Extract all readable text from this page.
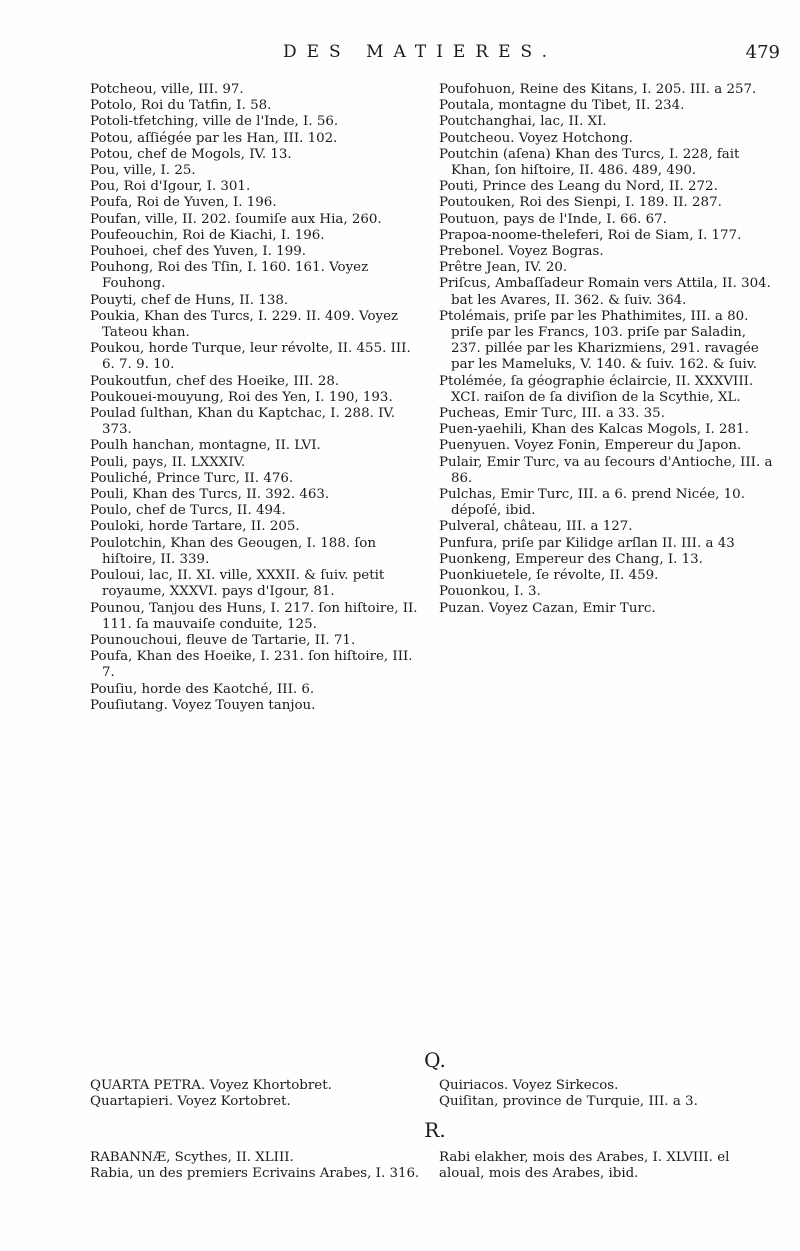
DES MATIERES.	479

Potcheou, ville, III. 97.

Potolo, Roi du Tatfin, I. 58.

Potoli-tfetching, ville de l'Inde, I. 56.

Potou, aſſiégée par les Han, III. 102.

Potou, chef de Mogols, IV. 13.

Pou, ville, I. 25.

Pou, Roi d'Igour, I. 301.

Poufa, Roi de Yuven, I. 196.

Poufan, ville, II. 202. ſoumiſe aux Hia, 260.

Poufeouchin, Roi de Kiachi, I. 196.

Pouhoei, chef des Yuven, I. 199.

Pouhong, Roi des Tſin, I. 160. 161. Voyez Fouhong.

Pouyti, chef de Huns, II. 138.

Poukia, Khan des Turcs, I. 229. II. 409. Voyez Tateou khan.

Poukou, horde Turque, leur révolte, II. 455. III. 6. 7. 9. 10.

Poukoutfun, chef des Hoeike, III. 28.

Poukouei-mouyung, Roi des Yen, I. 190, 193.

Poulad ſulthan, Khan du Kaptchac, I. 288. IV. 373.

Poulh hanchan, montagne, II. LVI.

Pouli, pays, II. LXXXIV.

Pouliché, Prince Turc, II. 476.

Pouli, Khan des Turcs, II. 392. 463.

Poulo, chef de Turcs, II. 494.

Pouloki, horde Tartare, II. 205.

Poulotchin, Khan des Geougen, I. 188. ſon hiſtoire, II. 339.

Pouloui, lac, II. XI. ville, XXXII. & ſuiv. petit royaume, XXXVI. pays d'Igour, 81.

Pounou, Tanjou des Huns, I. 217. ſon hiſtoire, II. 111. ſa mauvaiſe conduite, 125.

Pounouchoui, fleuve de Tartarie, II. 71.

Poufa, Khan des Hoeike, I. 231. ſon hiſtoire, III. 7.

Pouſiu, horde des Kaotché, III. 6.

Pouſiutang. Voyez Touyen tanjou.

Poufohuon, Reine des Kitans, I. 205. III. a 257.

Poutala, montagne du Tibet, II. 234.

Poutchanghai, lac, II. XI.

Poutcheou. Voyez Hotchong.

Poutchin (aſena) Khan des Turcs, I. 228, fait Khan, ſon hiſtoire, II. 486. 489, 490.

Pouti, Prince des Leang du Nord, II. 272.

Poutouken, Roi des Sienpi, I. 189. II. 287.

Poutuon, pays de l'Inde, I. 66. 67.

Prapoa-noome-theleferi, Roi de Siam, I. 177.

Prebonel. Voyez Bogras.

Prêtre Jean, IV. 20.

Priſcus, Ambaſſadeur Romain vers Attila, II. 304. bat les Avares, II. 362. & ſuiv. 364.

Ptolémais, priſe par les Phathimites, III. a 80. priſe par les Francs, 103. priſe par Saladin, 237. pillée par les Kharizmiens, 291. ravagée par les Mameluks, V. 140. & ſuiv. 162. & ſuiv.

Ptolémée, ſa géographie éclaircie, II. XXXVIII. XCI. raiſon de ſa diviſion de la Scythie, XL.

Pucheas, Emir Turc, III. a 33. 35.

Puen-yaehili, Khan des Kalcas Mogols, I. 281.

Puenyuen. Voyez Fonin, Empereur du Japon.

Pulair, Emir Turc, va au ſecours d'Antioche, III. a 86.

Pulchas, Emir Turc, III. a 6. prend Nicée, 10. dépoſé, ibid.

Pulveral, château, III. a 127.

Punfura, priſe par Kilidge arſlan II. III. a 43

Puonkeng, Empereur des Chang, I. 13.

Puonkiuetele, ſe révolte, II. 459.

Pouonkou, I. 3.

Puzan. Voyez Cazan, Emir Turc.

Q.

QUARTA PETRA. Voyez Khortobret.

Quartapieri. Voyez Kortobret.

Quiriacos. Voyez Sirkecos.

Quiſitan, province de Turquie, III. a 3.

R.

RABANNÆ, Scythes, II. XLIII.

Rabia, un des premiers Ecrivains Arabes, I. 316.

Rabi elakher, mois des Arabes, I. XLVIII. el aloual, mois des Arabes, ibid.
